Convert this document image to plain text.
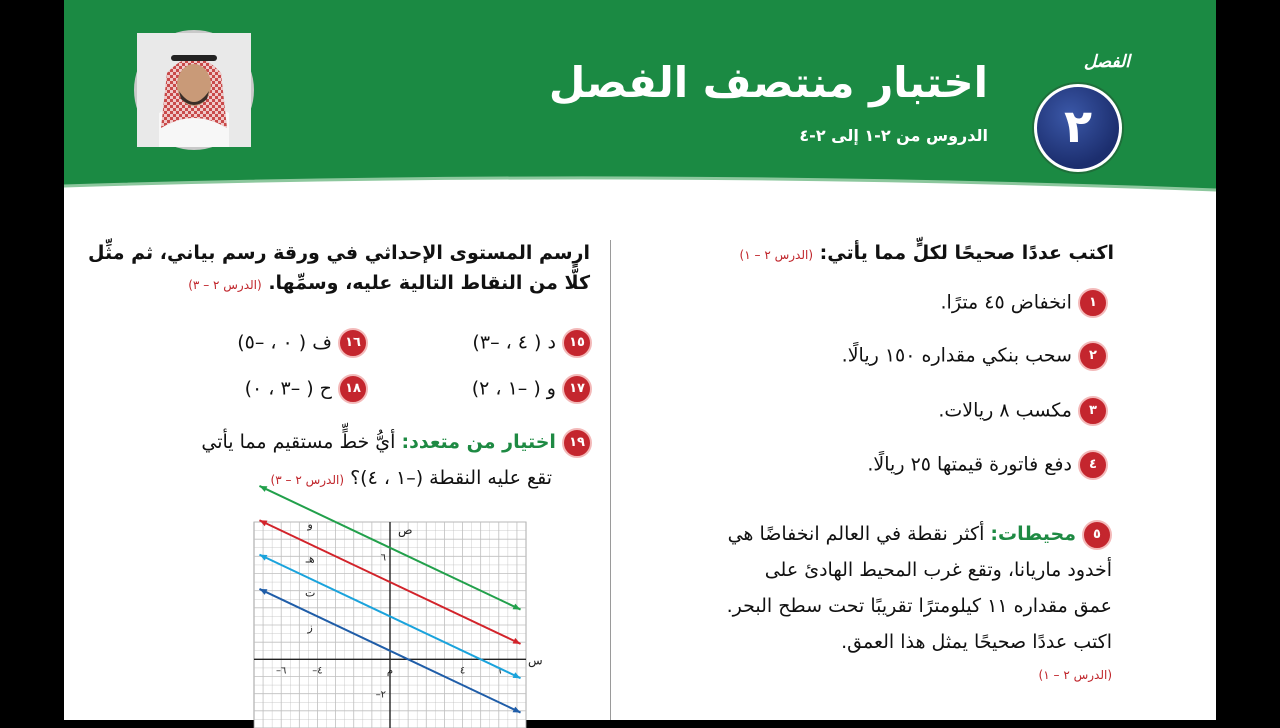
اختبار منتصف الفصل
الدروس من ٢-١ إلى ٢-٤
الفصل
٢
اكتب عددًا صحيحًا لكلٍّ مما يأتي: (الدرس ٢ – ١)
١ انخفاض ٤٥ مترًا.
٢ سحب بنكي مقداره ١٥٠ ريالًا.
٣ مكسب ٨ ريالات.
٤ دفع فاتورة قيمتها ٢٥ ريالًا.
٥ محيطات: أكثر نقطة في العالم انخفاضًا هي
أخدود ماريانا، وتقع غرب المحيط الهادئ على
عمق مقداره ١١ كيلومترًا تقريبًا تحت سطح البحر.
اكتب عددًا صحيحًا يمثل هذا العمق.
(الدرس ٢ – ١)
ارسم المستوى الإحداثي في ورقة رسم بياني، ثم مثِّل
كلًّا من النقاط التالية عليه، وسمِّها. (الدرس ٢ – ٣)
١٥ د ( ٤ ، –٣)
١٦ ف ( ٠ ، –٥)
١٧ و ( –١ ، ٢)
١٨ ح ( –٣ ، ٠)
١٩ اختيار من متعدد: أيُّ خطٍّ مستقيم مما يأتي
تقع عليه النقطة (–١ ، ٤)؟ (الدرس ٢ – ٣)
س
ص
–٦	–٤	م	٤	٦
٦
–٢
و
هـ
ت
ز
